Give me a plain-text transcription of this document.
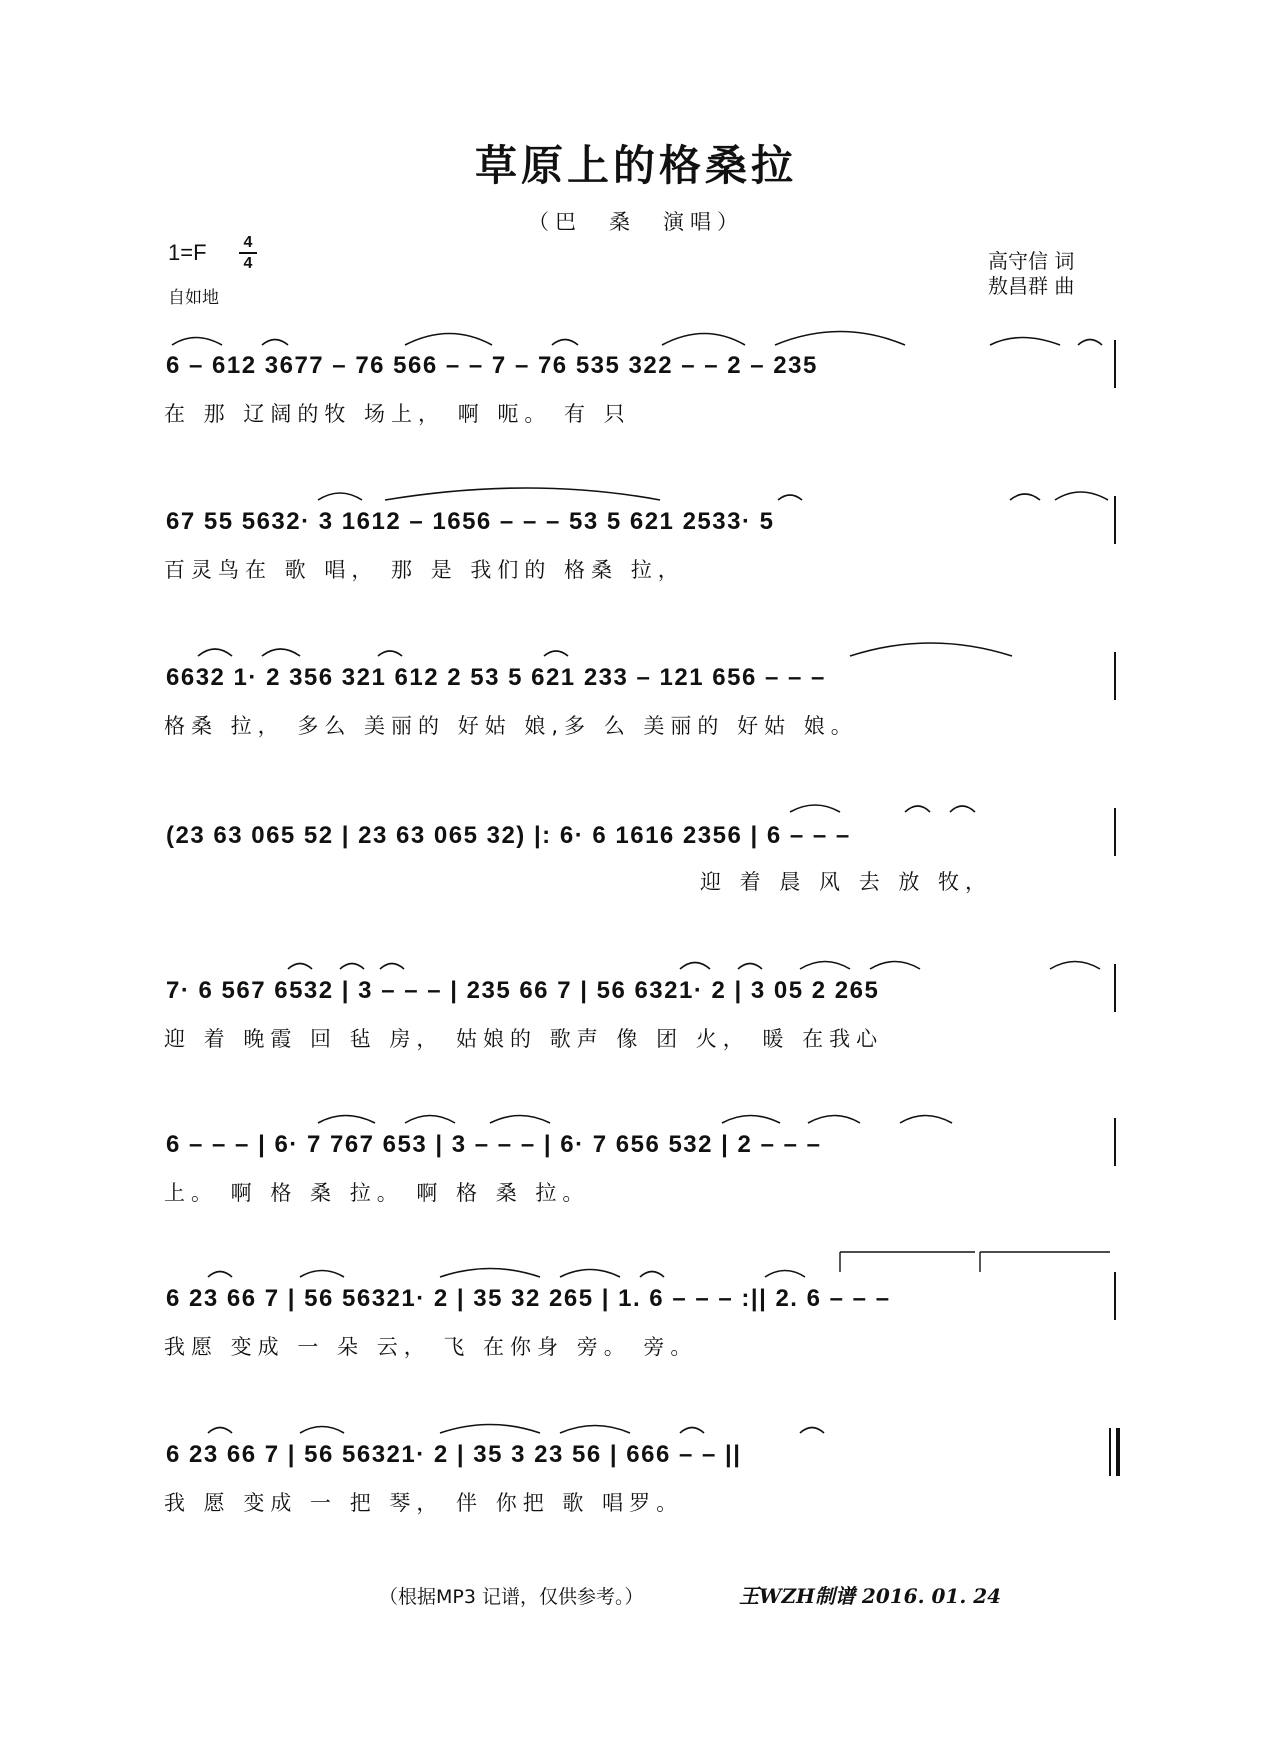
草原上的格桑拉
（巴　桑　演唱）
1=F 4
4
自如地
高守信 词
敖昌群 曲
6 – 612 3677 – 76 566 – – 7 – 76 535 322 – – 2 – 235
在 那 辽阔的牧 场上， 啊 呃。 有 只
67 55 5632· 3 1612 – 1656 – – – 53 5 621 2533· 5
百灵鸟在 歌 唱， 那 是 我们的 格桑 拉，
6632 1· 2 356 321 612 2 53 5 621 233 – 121 656 – – –
格桑 拉， 多么 美丽的 好姑 娘,多 么 美丽的 好姑 娘。
(23 63 065 52 | 23 63 065 32) |: 6· 6 1616 2356 | 6 – – –
迎 着 晨 风 去 放 牧，
7· 6 567 6532 | 3 – – – | 235 66 7 | 56 6321· 2 | 3 05 2 265
迎 着 晚霞 回 毡 房， 姑娘的 歌声 像 团 火， 暖 在我心
6 – – – | 6· 7 767 653 | 3 – – – | 6· 7 656 532 | 2 – – –
上。 啊 格 桑 拉。 啊 格 桑 拉。
6 23 66 7 | 56 56321· 2 | 35 32 265 | 1. 6 – – – :|| 2. 6 – – –
我愿 变成 一 朵 云， 飞 在你身 旁。 旁。
6 23 66 7 | 56 56321· 2 | 35 3 23 56 | 666 – – ||
我 愿 变成 一 把 琴， 伴 你把 歌 唱罗。
（根据MP3 记谱，仅供参考。）	王WZH制谱 2016. 01. 24
